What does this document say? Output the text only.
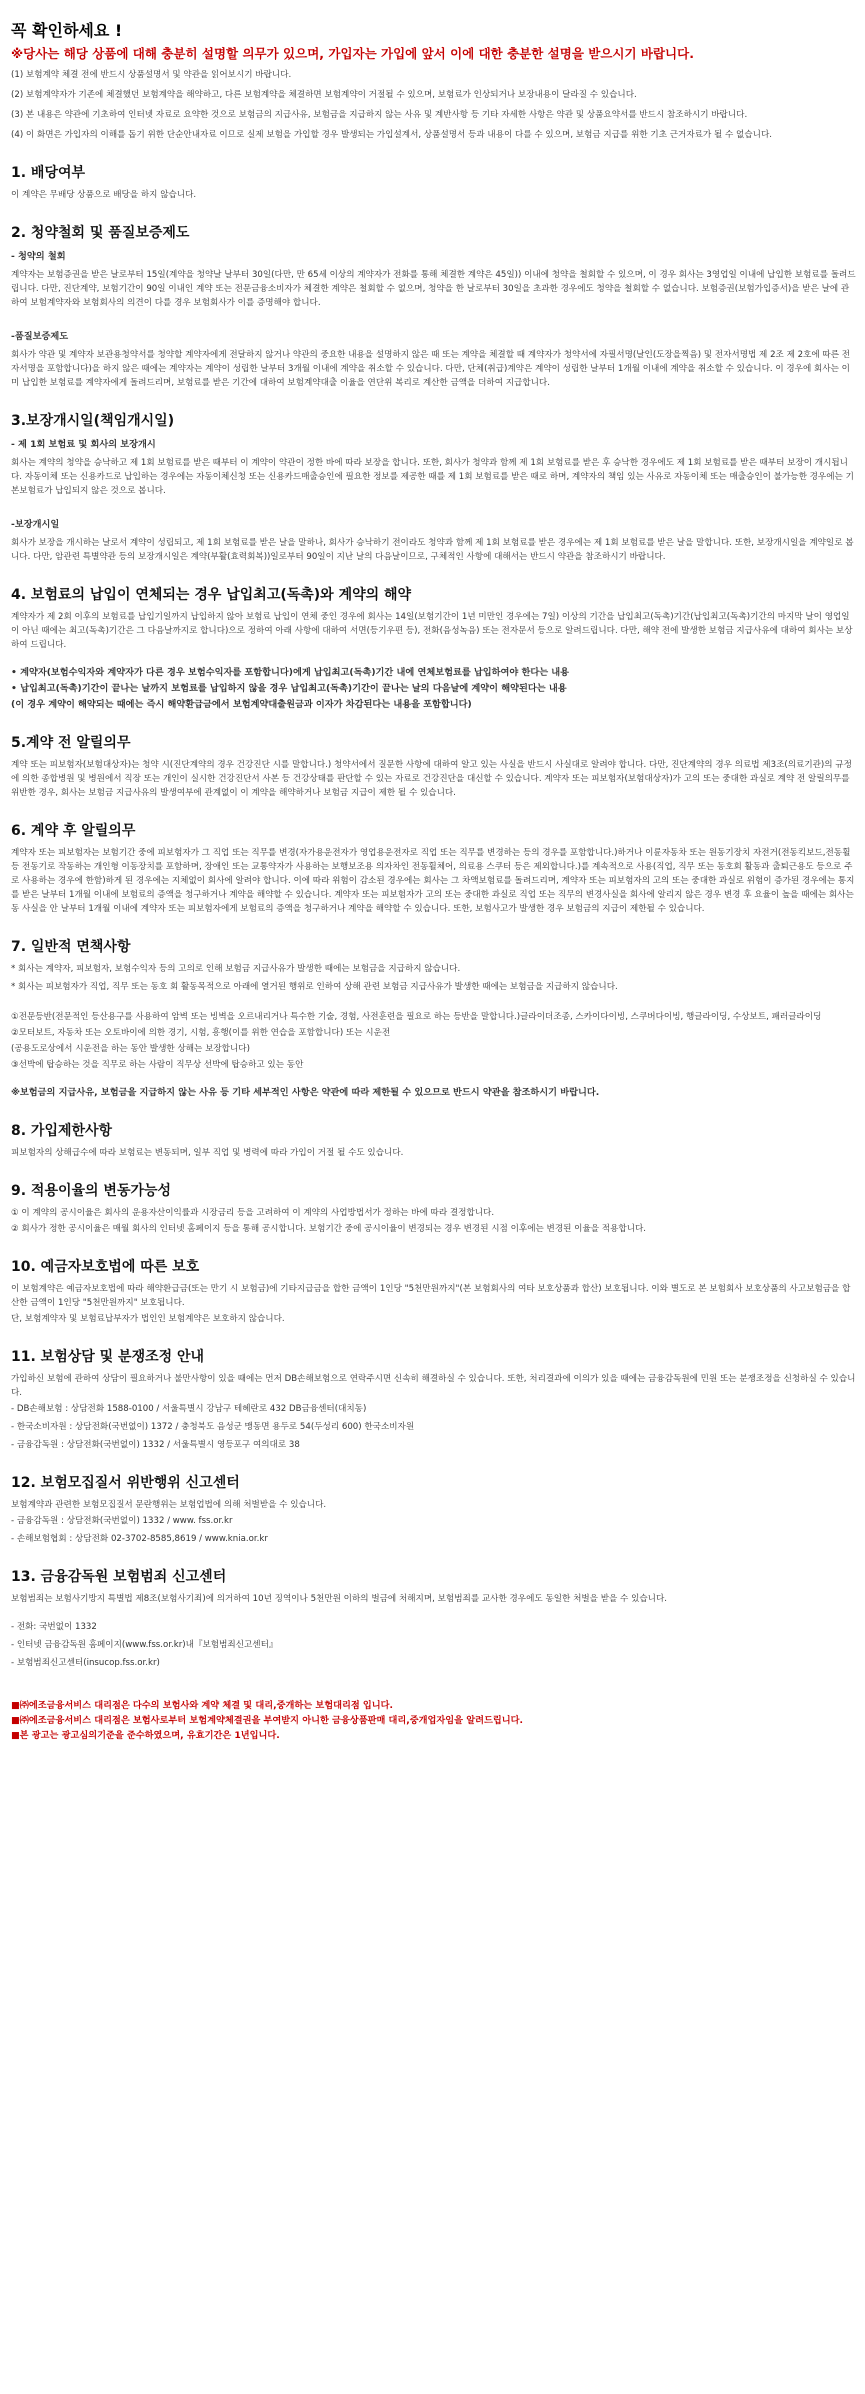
꼭 확인하세요 !
※당사는 해당 상품에 대해 충분히 설명할 의무가 있으며, 가입자는 가입에 앞서 이에 대한 충분한 설명을 받으시기 바랍니다.

(1) 보험계약 체결 전에 반드시 상품설명서 및 약관을 읽어보시기 바랍니다.

(2) 보험계약자가 기존에 체결했던 보험계약을 해약하고, 다른 보험계약을 체결하면 보험계약이 거절될 수 있으며, 보험료가 인상되거나 보장내용이 달라질 수 있습니다.

(3) 본 내용은 약관에 기초하여 인터넷 자료로 요약한 것으로 보험금의 지급사유, 보험금을 지급하지 않는 사유 및 계반사항 등 기타 자세한 사항은 약관 및 상품요약서를 반드시 참조하시기 바랍니다.

(4) 이 화면은 가입자의 이해를 돕기 위한 단순안내자료 이므로 실제 보험을 가입할 경우 발생되는 가입설계서, 상품설명서 등과 내용이 다를 수 있으며, 보험금 지급를 위한 기초 근거자료가 될 수 없습니다.

1. 배당여부

이 계약은 무배당 상품으로 배당을 하지 않습니다.

2. 청약철회 및 품질보증제도
- 청약의 철회

계약자는 보험증권을 받은 날로부터 15일(계약을 청약날 날부터 30일(다만, 만 65세 이상의 계약자가 전화를 통해 체결한 계약은 45일)) 이내에 청약을 철회할 수 있으며, 이 경우 회사는 3영업일 이내에 납입한 보험료를 돌려드립니다. 다만, 진단계약, 보험기간이 90일 이내인 계약 또는 전문금융소비자가 체결한 계약은 철회할 수 없으며, 청약을 한 날로부터 30일을 초과한 경우에도 청약을 철회할 수 없습니다. 보험증권(보험가입증서)을 받은 날에 관하여 보험계약자와 보험회사의 의견이 다를 경우 보험회사가 이를 증명해야 합니다.

-품질보증제도

회사가 약관 및 계약자 보관용청약서를 청약할 계약자에게 전달하지 않거나 약관의 중요한 내용을 설명하지 않은 때 또는 계약을 체결할 때 계약자가 청약서에 자필서명(날인(도장을찍음) 및 전자서명법 제 2조 제 2호에 따른 전자서명을 포함합니다)을 하지 않은 때에는 계약자는 계약이 성립한 날부터 3개월 이내에 계약을 취소할 수 있습니다. 다만, 단체(취급)계약은 계약이 성립한 날부터 1개월 이내에 계약을 취소할 수 있습니다. 이 경우에 회사는 이미 납입한 보험료를 계약자에게 돌려드리며, 보험료를 받은 기간에 대하여 보험계약대출 이율을 연단위 복리로 계산한 금액을 더하여 지급합니다.

3.보장개시일(책임개시일)
- 제 1회 보험료 및 회사의 보장개시

회사는 계약의 청약을 승낙하고 제 1회 보험료를 받은 때부터 이 계약이 약관이 정한 바에 따라 보장을 합니다. 또한, 회사가 청약과 함께 제 1회 보험료를 받은 후 승낙한 경우에도 제 1회 보험료를 받은 때부터 보장이 개시됩니다. 자동이체 또는 신용카드로 납입하는 경우에는 자동이체신청 또는 신용카드매출승인에 필요한 정보를 제공한 때를 제 1회 보험료를 받은 때로 하며, 계약자의 책임 있는 사유로 자동이체 또는 매출승인이 불가능한 경우에는 기본보험료가 납입되지 않은 것으로 봅니다.

-보장개시일

회사가 보장을 개시하는 날로서 계약이 성립되고, 제 1회 보험료를 받은 날을 말하나, 회사가 승낙하기 전이라도 청약과 함께 제 1회 보험료를 받은 경우에는 제 1회 보험료를 받은 날을 말합니다. 또한, 보장개시일을 계약일로 봅니다. 다만, 암관련 특별약관 등의 보장개시일은 계약(부활(효력회복))일로부터 90일이 지난 날의 다음날이므로, 구체적인 사항에 대해서는 반드시 약관을 참조하시기 바랍니다.

4. 보험료의 납입이 연체되는 경우 납입최고(독촉)와 계약의 해약

계약자가 제 2회 이후의 보험료를 납입기일까지 납입하지 않아 보험료 납입이 연체 중인 경우에 회사는 14일(보험기간이 1년 미만인 경우에는 7일) 이상의 기간을 납입최고(독촉)기간(납입최고(독촉)기간의 마지막 날이 영업일이 아닌 때에는 최고(독촉)기간은 그 다음날까지로 합니다)으로 정하여 아래 사항에 대하여 서면(등기우편 등), 전화(음성녹음) 또는 전자문서 등으로 알려드립니다. 다만, 해약 전에 발생한 보험금 지급사유에 대하여 회사는 보상하여 드립니다.

• 계약자(보험수익자와 계약자가 다른 경우 보험수익자를 포함합니다)에게 납입최고(독촉)기간 내에 연체보험료를 납입하여야 한다는 내용

• 납입최고(독촉)기간이 끝나는 날까지 보험료를 납입하지 않을 경우 납입최고(독촉)기간이 끝나는 날의 다음날에 계약이 해약된다는 내용

(이 경우 계약이 해약되는 때에는 즉시 해약환급금에서 보험계약대출원금과 이자가 차감된다는 내용을 포함합니다)

5.계약 전 알릴의무

계약 또는 피보험자(보험대상자)는 청약 시(진단계약의 경우 건강진단 시를 말합니다.) 청약서에서 질문한 사항에 대하여 알고 있는 사실을 반드시 사실대로 알려야 합니다. 다만, 진단계약의 경우 의료법 제3조(의료기관)의 규정에 의한 종합병원 및 병원에서 직장 또는 개인이 실시한 건강진단서 사본 등 건강상태를 판단할 수 있는 자료로 건강진단을 대신할 수 있습니다. 계약자 또는 피보험자(보험대상자)가 고의 또는 중대한 과실로 계약 전 알릴의무를 위반한 경우, 회사는 보험금 지급사유의 발생여부에 관계없이 이 계약을 해약하거나 보험금 지급이 제한 될 수 있습니다.

6. 계약 후 알릴의무

계약자 또는 피보험자는 보험기간 중에 피보험자가 그 직업 또는 직무를 변경(자가용운전자가 영업용운전자로 직업 또는 직무를 변경하는 등의 경우를 포함합니다.)하거나 이륜자동차 또는 원동기장치 자전거(전동킥보드,전동휠 등 전동기로 작동하는 개인형 이동장치를 포함하며, 장애인 또는 교통약자가 사용하는 보행보조용 의자차인 전동휠체어, 의료용 스쿠터 등은 제외합니다.)를 계속적으로 사용(직업, 직무 또는 동호회 활동과 출퇴근용도 등으로 주로 사용하는 경우에 한함)하게 된 경우에는 지체없이 회사에 알려야 합니다. 이에 따라 위험이 감소된 경우에는 회사는 그 차액보험료를 돌려드리며, 계약자 또는 피보험자의 고의 또는 중대한 과실로 위험이 증가된 경우에는 통지를 받은 날부터 1개월 이내에 보험료의 증액을 청구하거나 계약을 해약할 수 있습니다. 계약자 또는 피보험자가 고의 또는 중대한 과실로 직업 또는 직무의 변경사실을 회사에 알리지 않은 경우 변경 후 요율이 높을 때에는 회사는 동 사실을 안 날부터 1개월 이내에 계약자 또는 피보험자에게 보험료의 증액을 청구하거나 계약을 해약할 수 있습니다. 또한, 보험사고가 발생한 경우 보험금의 지급이 제한될 수 있습니다.

7. 일반적 면책사항

* 회사는 계약자, 피보험자, 보험수익자 등의 고의로 인해 보험금 지급사유가 발생한 때에는 보험금을 지급하지 않습니다.

* 회사는 피보험자가 직업, 직무 또는 동호 회 활동목적으로 아래에 열거된 행위로 인하여 상해 관련 보험금 지급사유가 발생한 때에는 보험금을 지급하지 않습니다.

①전문등반(전문적인 등산용구를 사용하여 암벽 또는 빙벽을 오르내리거나 특수한 기술, 경험, 사전훈련을 필요로 하는 등반을 말합니다.)글라이더조종, 스카이다이빙, 스쿠버다이빙, 행글라이딩, 수상보트, 패러글라이딩

②모터보트, 자동차 또는 오토바이에 의한 경기, 시험, 흥행(이를 위한 연습을 포함합니다) 또는 시운전

(공용도로상에서 시운전을 하는 동안 발생한 상해는 보장합니다)

③선박에 탑승하는 것을 직무로 하는 사람이 직무상 선박에 탑승하고 있는 동안

※보험금의 지급사유, 보험금을 지급하지 않는 사유 등 기타 세부적인 사항은 약관에 따라 제한될 수 있으므로 반드시 약관을 참조하시기 바랍니다.

8. 가입제한사항

피보험자의 상해급수에 따라 보험료는 변동되며, 일부 직업 및 병력에 따라 가입이 거절 될 수도 있습니다.

9. 적용이율의 변동가능성

① 이 계약의 공시이율은 회사의 운용자산이익률과 시장금리 등을 고려하여 이 계약의 사업방법서가 정하는 바에 따라 결정합니다.

② 회사가 정한 공시이율은 매월 회사의 인터넷 홈페이지 등을 통해 공시합니다. 보험기간 중에 공시이율이 변경되는 경우 변경된 시점 이후에는 변경된 이율을 적용합니다.

10. 예금자보호법에 따른 보호

이 보험계약은 예금자보호법에 따라 해약환급금(또는 만기 시 보험금)에 기타지급금을 합한 금액이 1인당 "5천만원까지"(본 보험회사의 여타 보호상품과 합산) 보호됩니다. 이와 별도로 본 보험회사 보호상품의 사고보험금을 합산한 금액이 1인당 "5천만원까지" 보호됩니다.

단, 보험계약자 및 보험료납부자가 법인인 보험계약은 보호하지 않습니다.

11. 보험상담 및 분쟁조정 안내

가입하신 보험에 관하여 상담이 필요하거나 불만사항이 있을 때에는 먼저 DB손해보험으로 연락주시면 신속히 해결하실 수 있습니다. 또한, 처리결과에 이의가 있을 때에는 금융감독원에 민원 또는 분쟁조정을 신청하실 수 있습니다.

- DB손해보험 : 상담전화 1588-0100 / 서울특별시 강남구 테헤란로 432 DB금융센터(대치동)

- 한국소비자원 : 상담전화(국번없이) 1372 / 충청북도 음성군 맹동면 용두로 54(두성리 600) 한국소비자원

- 금융감독원 : 상담전화(국번없이) 1332 / 서울특별시 영등포구 여의대로 38

12. 보험모집질서 위반행위 신고센터

보험계약과 관련한 보험모집질서 문란행위는 보험업법에 의해 처벌받을 수 있습니다.

- 금융감독원 : 상담전화(국번없이) 1332 / www. fss.or.kr

- 손해보험협회 : 상담전화 02-3702-8585,8619 / www.knia.or.kr

13. 금융감독원 보험범죄 신고센터

보험범죄는 보험사기방지 특별법 제8조(보험사기죄)에 의거하여 10년 징역이나 5천만원 이하의 벌금에 처해지며, 보험범죄를 교사한 경우에도 동일한 처벌을 받을 수 있습니다.

- 전화: 국번없이 1332

- 인터넷 금융감독원 홈페이지(www.fss.or.kr)내『보험범죄신고센터』

- 보험범죄신고센터(insucop.fss.or.kr)

■㈜에조금융서비스 대리점은 다수의 보험사와 계약 체결 및 대리,중개하는 보험대리점 입니다.
■㈜에조금융서비스 대리점은 보험사로부터 보험계약체결권을 부여받지 아니한 금융상품판매 대리,중개업자임을 알려드립니다.
■본 광고는 광고심의기준을 준수하였으며, 유효기간은 1년입니다.
